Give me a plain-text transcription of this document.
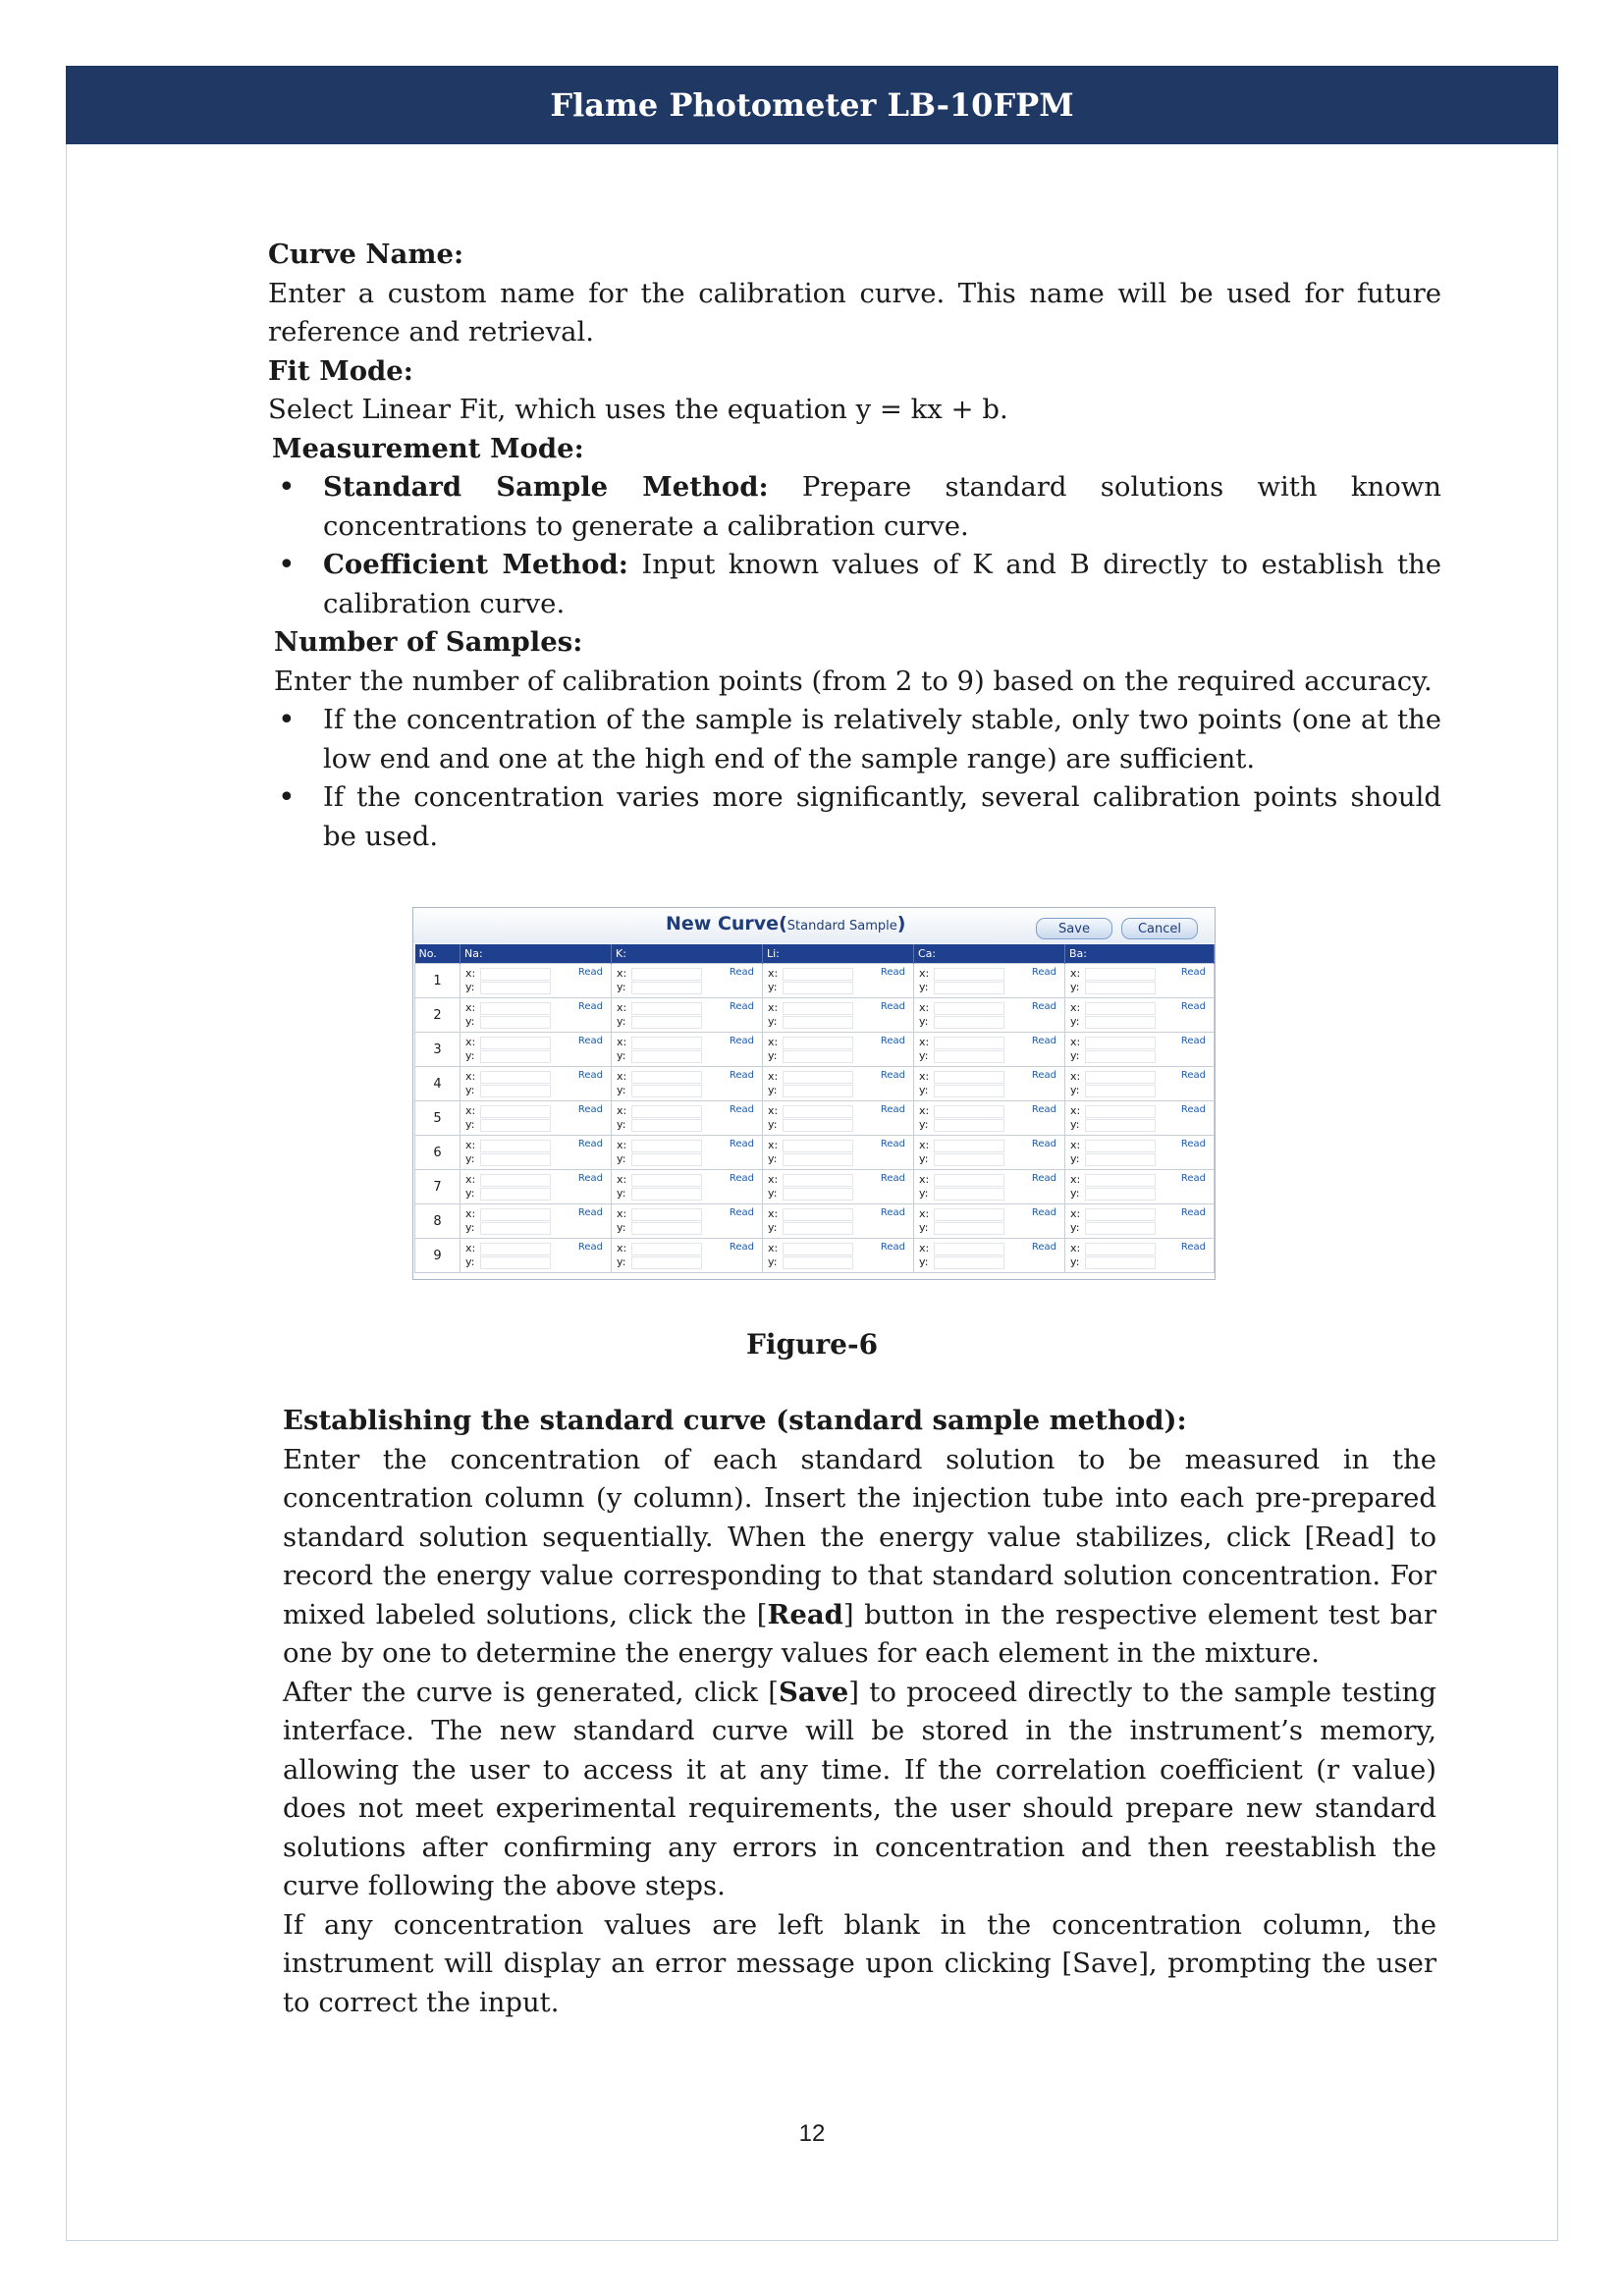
Flame Photometer LB-10FPM

Curve Name:

Enter a custom name for the calibration curve. This name will be used for future reference and retrieval.

Fit Mode:

Select Linear Fit, which uses the equation y = kx + b.

Measurement Mode:

• Standard Sample Method: Prepare standard solutions with known concentrations to generate a calibration curve.
• Coefficient Method: Input known values of K and B directly to establish the calibration curve.

Number of Samples:

Enter the number of calibration points (from 2 to 9) based on the required accuracy.

• If the concentration of the sample is relatively stable, only two points (one at the low end and one at the high end of the sample range) are sufficient.
• If the concentration varies more significantly, several calibration points should be used.
New Curve(Standard Sample)	Save	Cancel
No.	Na:	K:	Li:	Ca:	Ba:
1	x:
y:
Read	x:
y:
Read	x:
y:
Read	x:
y:
Read	x:
y:
Read

2	x:
y:
Read	x:
y:
Read	x:
y:
Read	x:
y:
Read	x:
y:
Read

3	x:
y:
Read	x:
y:
Read	x:
y:
Read	x:
y:
Read	x:
y:
Read

4	x:
y:
Read	x:
y:
Read	x:
y:
Read	x:
y:
Read	x:
y:
Read

5	x:
y:
Read	x:
y:
Read	x:
y:
Read	x:
y:
Read	x:
y:
Read

6	x:
y:
Read	x:
y:
Read	x:
y:
Read	x:
y:
Read	x:
y:
Read

7	x:
y:
Read	x:
y:
Read	x:
y:
Read	x:
y:
Read	x:
y:
Read

8	x:
y:
Read	x:
y:
Read	x:
y:
Read	x:
y:
Read	x:
y:
Read

9	x:
y:
Read	x:
y:
Read	x:
y:
Read	x:
y:
Read	x:
y:
Read
Figure-6

Establishing the standard curve (standard sample method):

Enter the concentration of each standard solution to be measured in the concentration column (y column). Insert the injection tube into each pre-prepared standard solution sequentially. When the energy value stabilizes, click [Read] to record the energy value corresponding to that standard solution concentration. For mixed labeled solutions, click the [Read] button in the respective element test bar one by one to determine the energy values for each element in the mixture.

After the curve is generated, click [Save] to proceed directly to the sample testing interface. The new standard curve will be stored in the instrument’s memory, allowing the user to access it at any time. If the correlation coefficient (r value) does not meet experimental requirements, the user should prepare new standard solutions after confirming any errors in concentration and then reestablish the curve following the above steps.

If any concentration values are left blank in the concentration column, the instrument will display an error message upon clicking [Save], prompting the user to correct the input.

12
